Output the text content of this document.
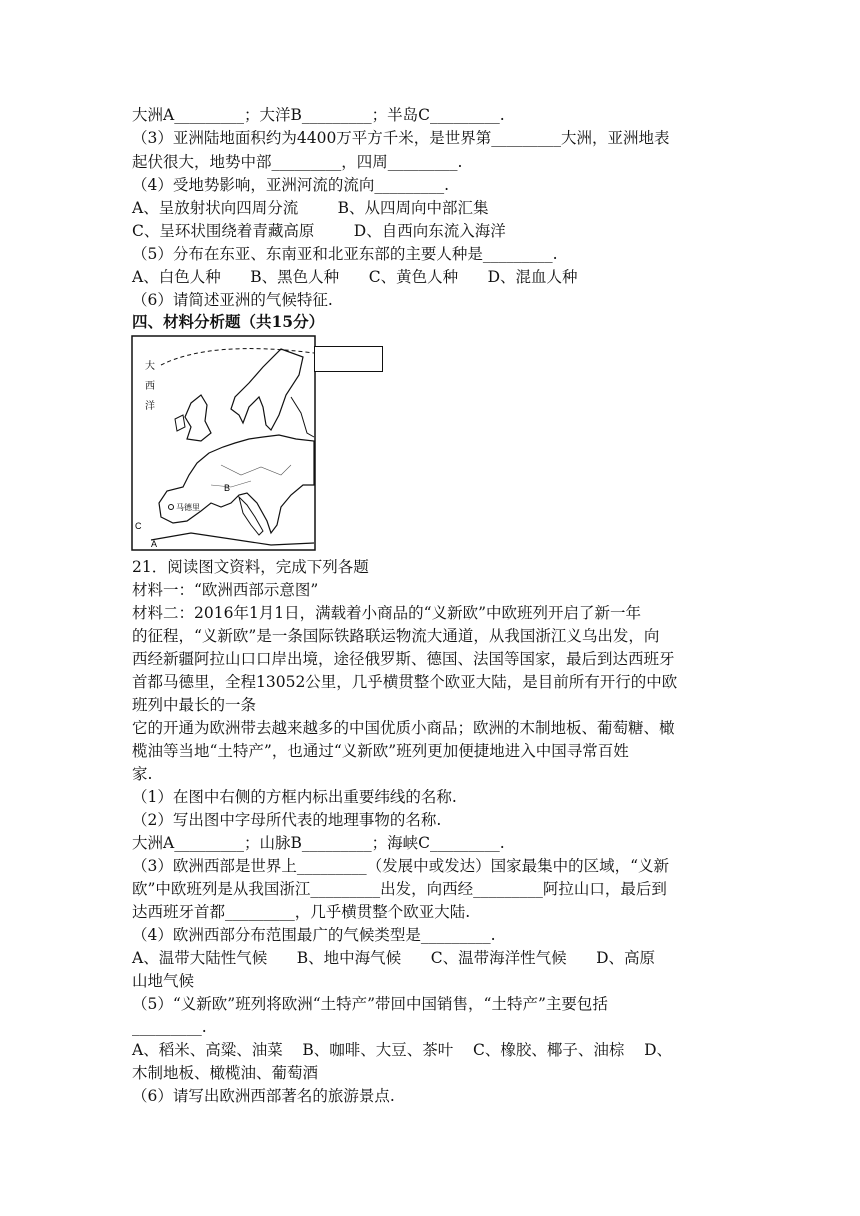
大洲A_________；大洋B_________；半岛C_________.
（3）亚洲陆地面积约为4400万平方千米，是世界第_________大洲，亚洲地表
起伏很大，地势中部_________，四周_________.
（4）受地势影响，亚洲河流的流向_________.
A、呈放射状向四周分流        B、从四周向中部汇集
C、呈环状围绕着青藏高原        D、自西向东流入海洋
（5）分布在东亚、东南亚和北亚东部的主要人种是_________.
A、白色人种      B、黑色人种      C、黄色人种      D、混血人种
（6）请简述亚洲的气候特征.
四、材料分析题（共15分）
大
西
洋
马德里
B
C
A
21．阅读图文资料，完成下列各题
材料一：“欧洲西部示意图”
材料二：2016年1月1日，满载着小商品的“义新欧”中欧班列开启了新一年
的征程，“义新欧”是一条国际铁路联运物流大通道，从我国浙江义乌出发，向
西经新疆阿拉山口口岸出境，途径俄罗斯、德国、法国等国家，最后到达西班牙
首都马德里，全程13052公里，几乎横贯整个欧亚大陆，是目前所有开行的中欧
班列中最长的一条
它的开通为欧洲带去越来越多的中国优质小商品；欧洲的木制地板、葡萄糖、橄
榄油等当地“土特产”，也通过“义新欧”班列更加便捷地进入中国寻常百姓
家.
（1）在图中右侧的方框内标出重要纬线的名称.
（2）写出图中字母所代表的地理事物的名称.
大洲A_________；山脉B_________；海峡C_________.
（3）欧洲西部是世界上_________（发展中或发达）国家最集中的区域，“义新
欧”中欧班列是从我国浙江_________出发，向西经_________阿拉山口，最后到
达西班牙首都_________，几乎横贯整个欧亚大陆.
（4）欧洲西部分布范围最广的气候类型是_________.
A、温带大陆性气候      B、地中海气候      C、温带海洋性气候      D、高原
山地气候
（5）“义新欧”班列将欧洲“土特产”带回中国销售，“土特产”主要包括
_________.
A、稻米、高粱、油菜    B、咖啡、大豆、茶叶    C、橡胶、椰子、油棕    D、
木制地板、橄榄油、葡萄酒
（6）请写出欧洲西部著名的旅游景点.
